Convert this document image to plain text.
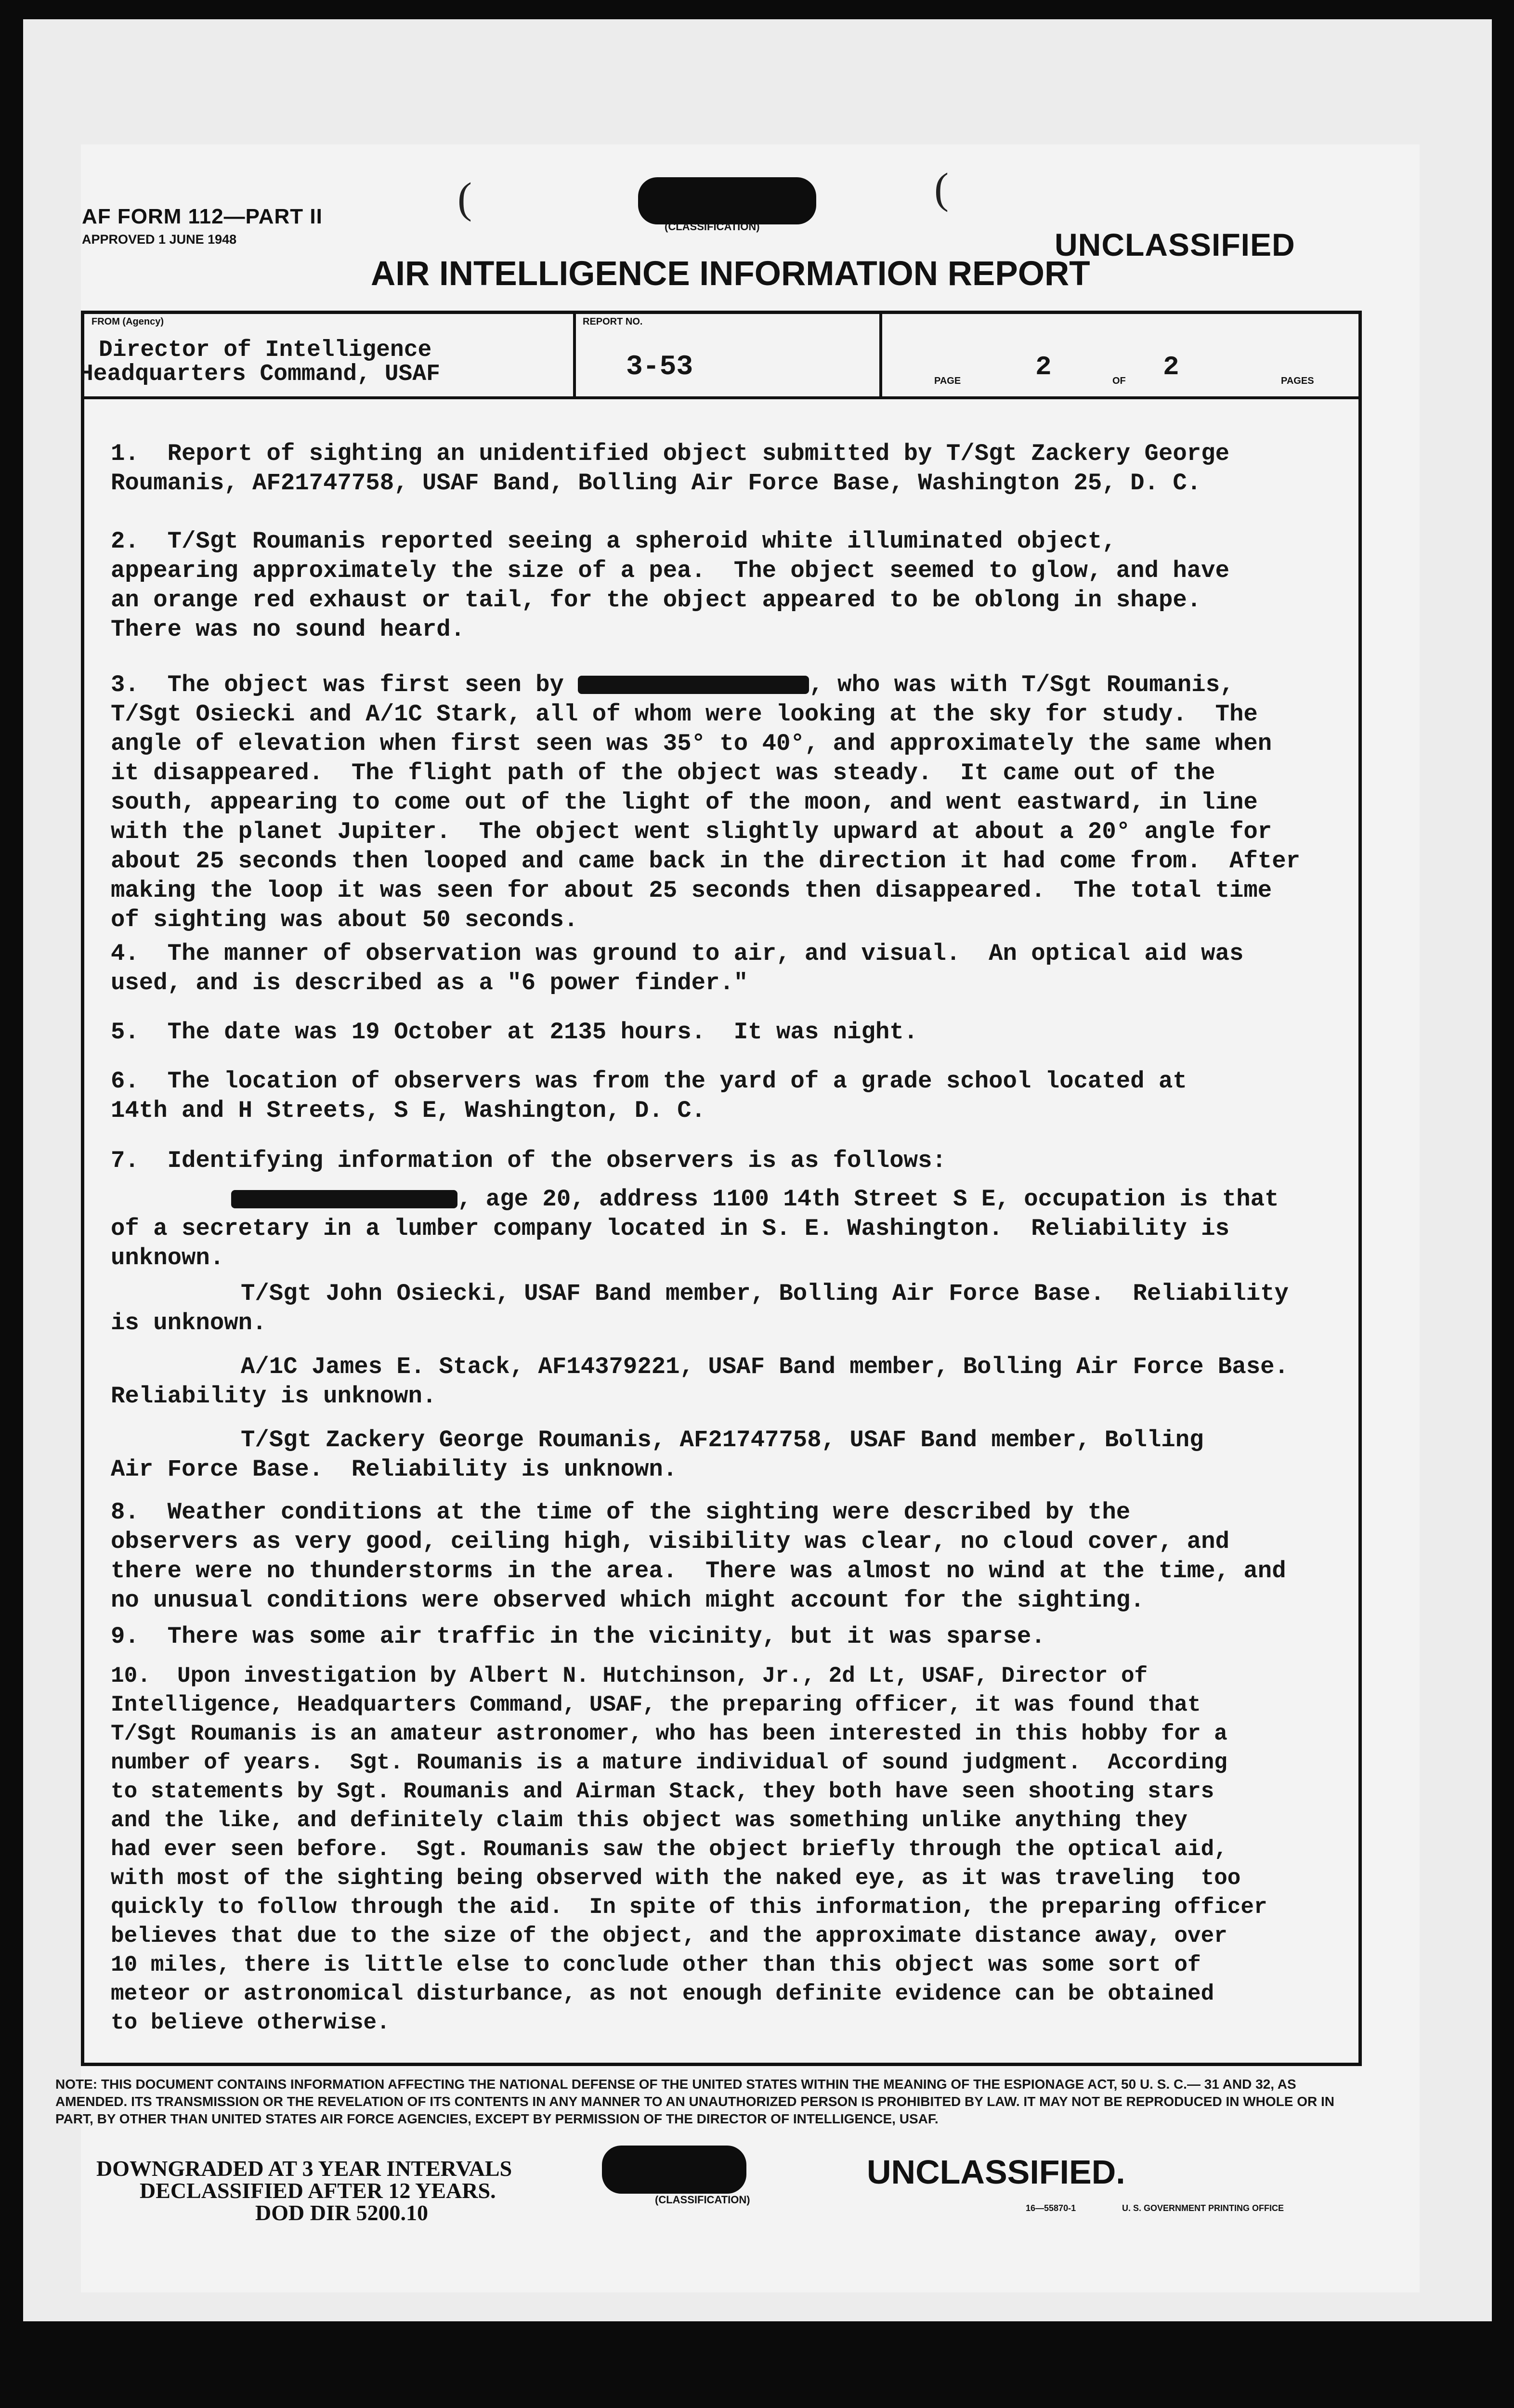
AF FORM 112—PART II
APPROVED 1 JUNE 1948
(	(
(CLASSIFICATION)
UNCLASSIFIED
AIR INTELLIGENCE INFORMATION REPORT
FROM (Agency)
Director of Intelligence
Headquarters Command, USAF
REPORT NO.
3-53	PAGE	2	OF 2	PAGES
1.  Report of sighting an unidentified object submitted by T/Sgt Zackery George
Roumanis, AF21747758, USAF Band, Bolling Air Force Base, Washington 25, D. C.
2.  T/Sgt Roumanis reported seeing a spheroid white illuminated object,
appearing approximately the size of a pea.  The object seemed to glow, and have
an orange red exhaust or tail, for the object appeared to be oblong in shape.
There was no sound heard.
3.  The object was first seen by	, who was with T/Sgt Roumanis,
T/Sgt Osiecki and A/1C Stark, all of whom were looking at the sky for study.  The
angle of elevation when first seen was 35° to 40°, and approximately the same when
it disappeared.  The flight path of the object was steady.  It came out of the
south, appearing to come out of the light of the moon, and went eastward, in line
with the planet Jupiter.  The object went slightly upward at about a 20° angle for
about 25 seconds then looped and came back in the direction it had come from.  After
making the loop it was seen for about 25 seconds then disappeared.  The total time
of sighting was about 50 seconds.
4.  The manner of observation was ground to air, and visual.  An optical aid was
used, and is described as a "6 power finder."
5.  The date was 19 October at 2135 hours.  It was night.
6.  The location of observers was from the yard of a grade school located at
14th and H Streets, S E, Washington, D. C.
7.  Identifying information of the observers is as follows:
, age 20, address 1100 14th Street S E, occupation is that
of a secretary in a lumber company located in S. E. Washington.  Reliability is
unknown.
T/Sgt John Osiecki, USAF Band member, Bolling Air Force Base.  Reliability
is unknown.
A/1C James E. Stack, AF14379221, USAF Band member, Bolling Air Force Base.
Reliability is unknown.
T/Sgt Zackery George Roumanis, AF21747758, USAF Band member, Bolling
Air Force Base.  Reliability is unknown.
8.  Weather conditions at the time of the sighting were described by the
observers as very good, ceiling high, visibility was clear, no cloud cover, and
there were no thunderstorms in the area.  There was almost no wind at the time, and
no unusual conditions were observed which might account for the sighting.
9.  There was some air traffic in the vicinity, but it was sparse.
10.  Upon investigation by Albert N. Hutchinson, Jr., 2d Lt, USAF, Director of
Intelligence, Headquarters Command, USAF, the preparing officer, it was found that
T/Sgt Roumanis is an amateur astronomer, who has been interested in this hobby for a
number of years.  Sgt. Roumanis is a mature individual of sound judgment.  According
to statements by Sgt. Roumanis and Airman Stack, they both have seen shooting stars
and the like, and definitely claim this object was something unlike anything they
had ever seen before.  Sgt. Roumanis saw the object briefly through the optical aid,
with most of the sighting being observed with the naked eye, as it was traveling  too
quickly to follow through the aid.  In spite of this information, the preparing officer
believes that due to the size of the object, and the approximate distance away, over
10 miles, there is little else to conclude other than this object was some sort of
meteor or astronomical disturbance, as not enough definite evidence can be obtained
to believe otherwise.
NOTE: THIS DOCUMENT CONTAINS INFORMATION AFFECTING THE NATIONAL DEFENSE OF THE UNITED STATES WITHIN THE MEANING OF THE ESPIONAGE ACT, 50 U. S. C.— 31 AND 32, AS AMENDED. ITS TRANSMISSION OR THE REVELATION OF ITS CONTENTS IN ANY MANNER TO AN UNAUTHORIZED PERSON IS PROHIBITED BY LAW. IT MAY NOT BE REPRODUCED IN WHOLE OR IN PART, BY OTHER THAN UNITED STATES AIR FORCE AGENCIES, EXCEPT BY PERMISSION OF THE DIRECTOR OF INTELLIGENCE, USAF.
DOWNGRADED AT 3 YEAR INTERVALS
DECLASSIFIED AFTER 12 YEARS.
DOD DIR 5200.10
(CLASSIFICATION)
UNCLASSIFIED.
16—55870-1	U. S. GOVERNMENT PRINTING OFFICE
